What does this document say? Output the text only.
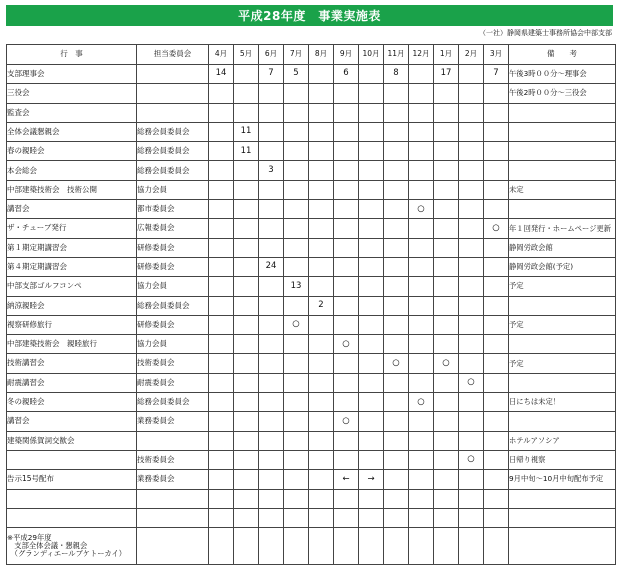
平成28年度　事業実施表
（一社）静岡県建築士事務所協会中部支部
行　事	担当委員会	4月	5月	6月	7月	8月	9月	10月	11月	12月	1月	2月	3月	備　　考
支部理事会		14		7	5		6		8		17		7	午後3時００分～理事会
三役会														午後2時００分～三役会
監査会														
全体会議懇親会	総務会員委員会		11											
春の親睦会	総務会員委員会		11											
本会総会	総務会員委員会			3										
中部建築技術会　技術公開	協力会員													未定
講習会	都市委員会									○				
ザ・チューブ発行	広報委員会												○	年１回発行・ホームページ更新
第１期定期講習会	研修委員会													静岡労政会館
第４期定期講習会	研修委員会			24										静岡労政会館(予定)
中部支部ゴルフコンペ	協力会員				13									予定
納涼親睦会	総務会員委員会					2								
視察研修旅行	研修委員会				○									予定
中部建築技術会　親睦旅行	協力会員						○							
技術講習会	技術委員会								○		○			予定
耐震講習会	耐震委員会											○		
冬の親睦会	総務会員委員会									○				日にちは未定！
講習会	業務委員会						○							
建築関係賀詞交歓会														ホテルアソシア
	技術委員会											○		日帰り視察
告示15号配布	業務委員会						←	→						9月中旬～10月中旬配布予定

※平成29年度
　支部全体会議・懇親会
　（グランディエールブケトーカイ）														
